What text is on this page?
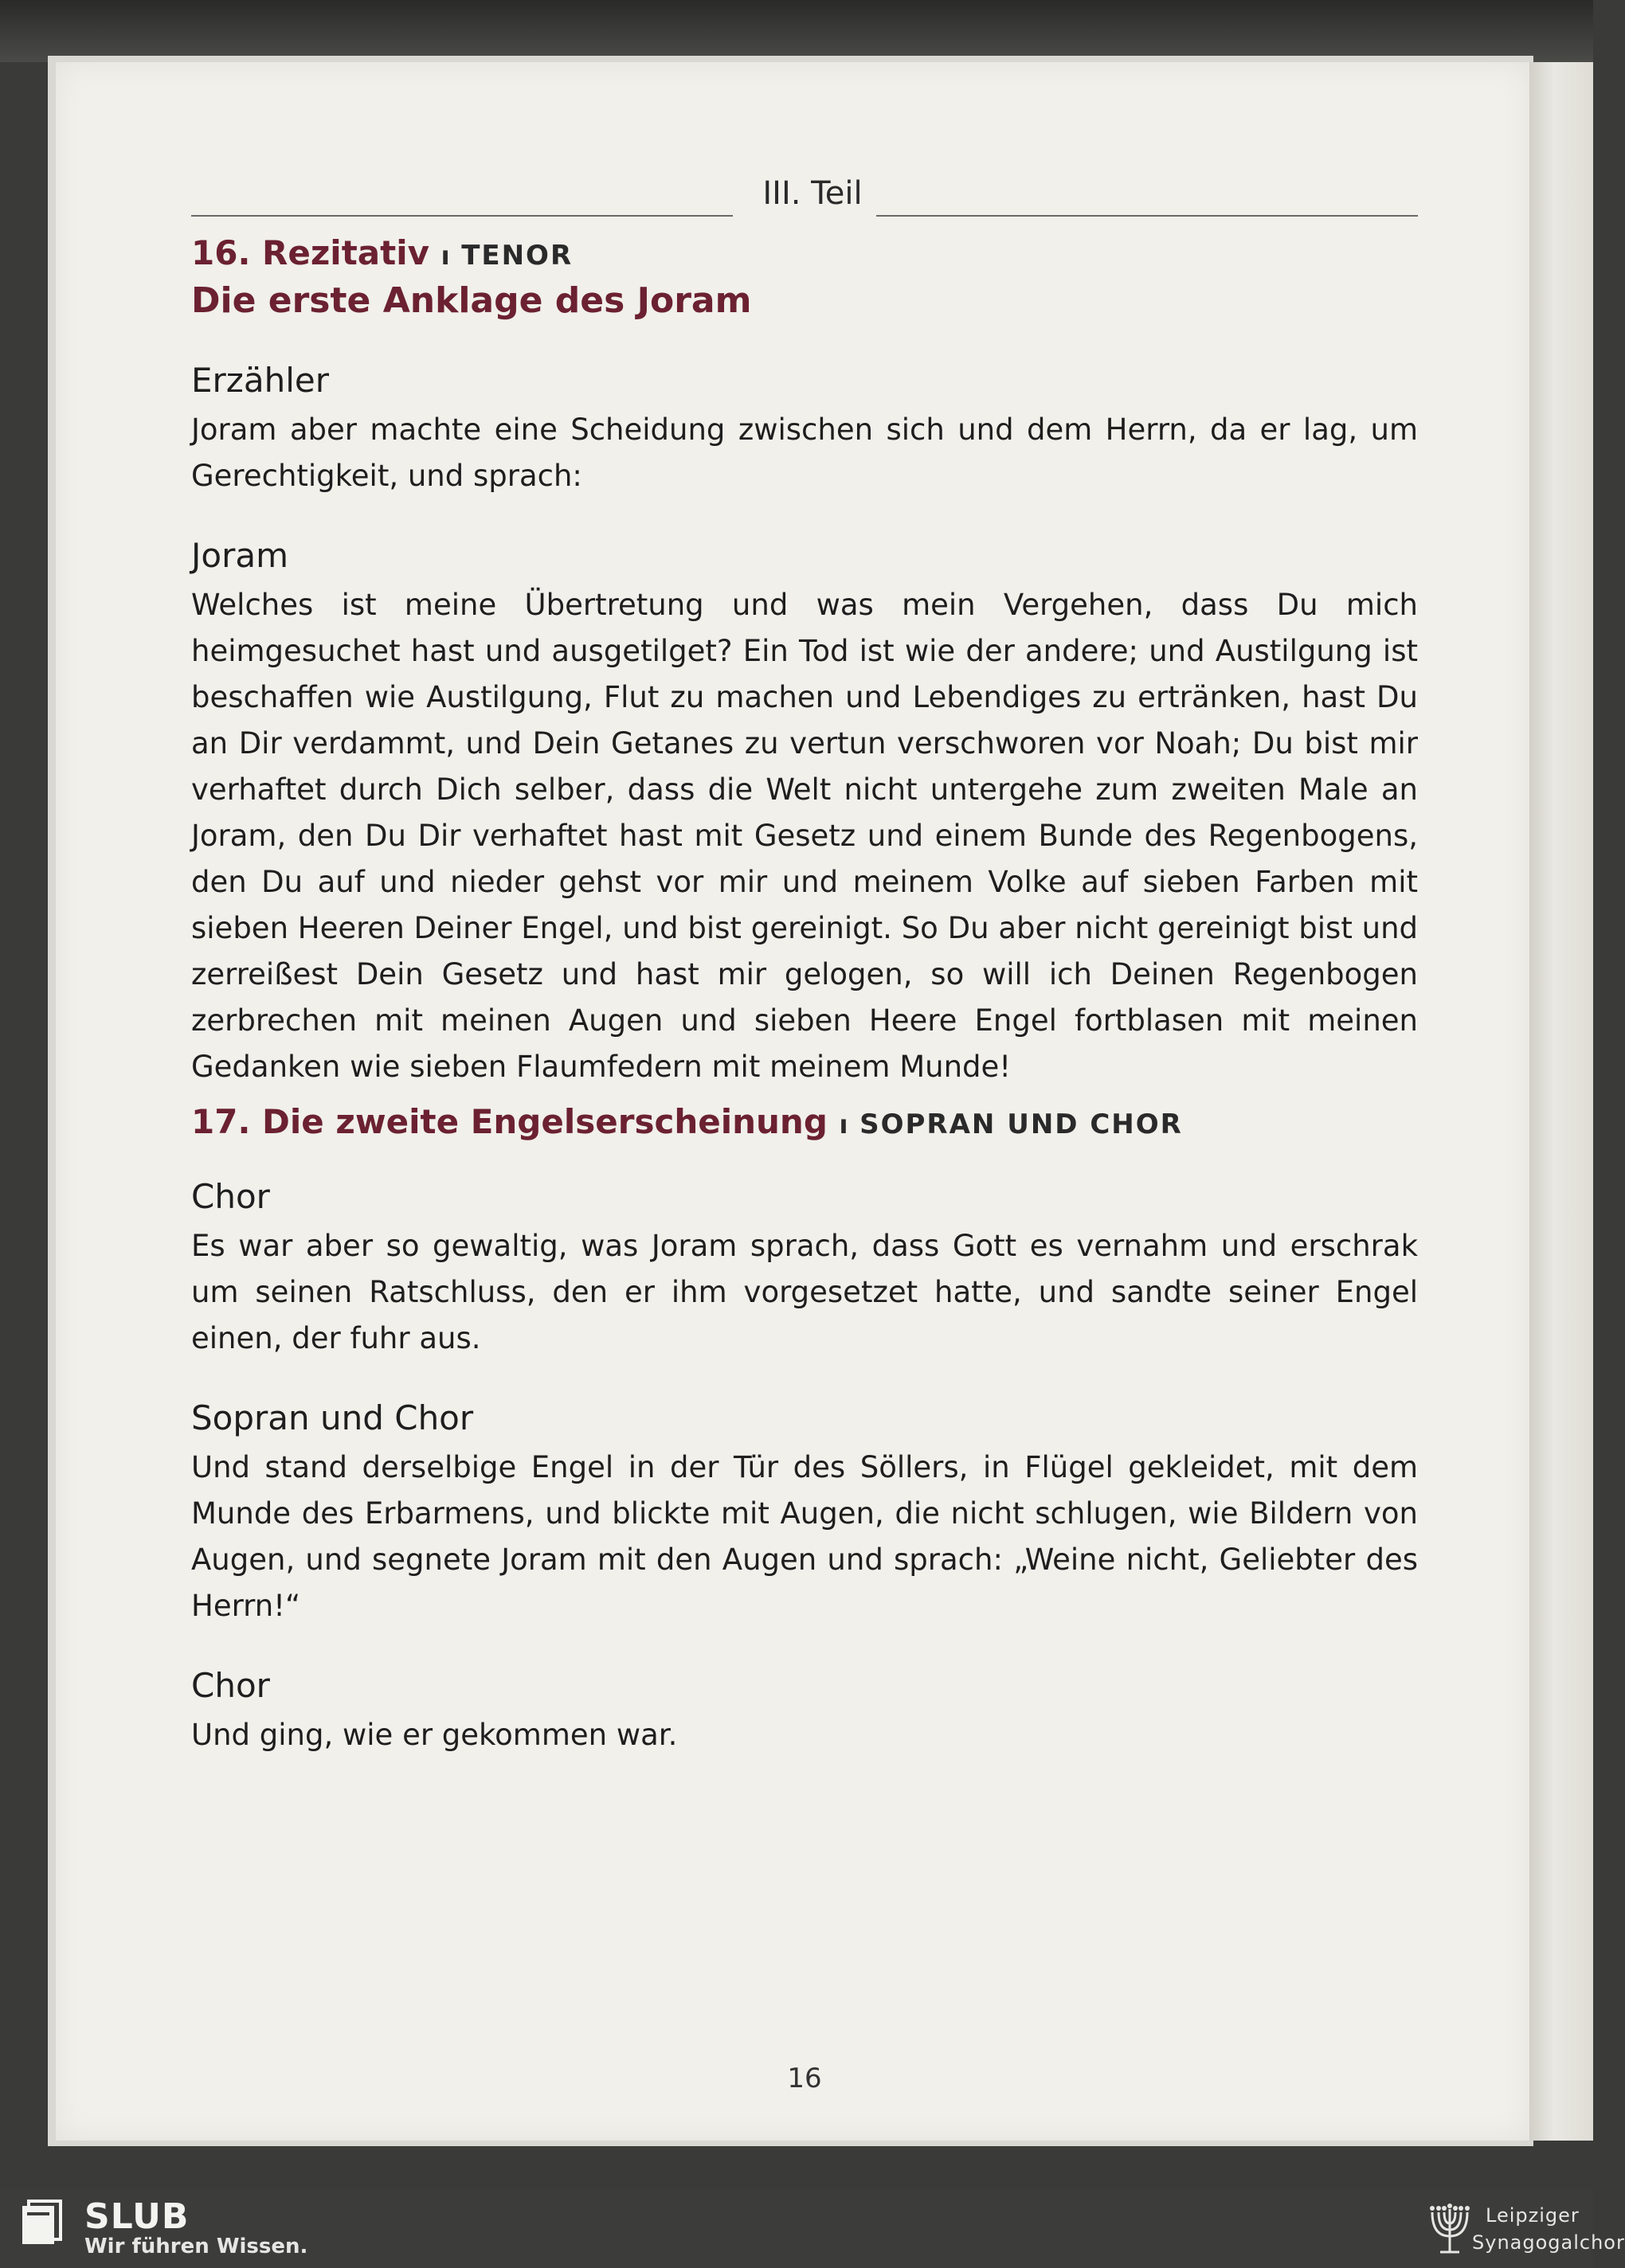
III. Teil
16. Rezitativ ı TENOR
Die erste Anklage des Joram
Erzähler

Joram aber machte eine Scheidung zwischen sich und dem Herrn, da er lag, um Gerechtigkeit, und sprach:

Joram

Welches ist meine Übertretung und was mein Vergehen, dass Du mich heimgesuchet hast und ausgetilget? Ein Tod ist wie der andere; und Austilgung ist beschaffen wie Austilgung, Flut zu machen und Lebendiges zu ertränken, hast Du an Dir verdammt, und Dein Getanes zu vertun verschworen vor Noah; Du bist mir verhaftet durch Dich selber, dass die Welt nicht untergehe zum zweiten Male an Joram, den Du Dir verhaftet hast mit Gesetz und einem Bunde des Regenbogens, den Du auf und nieder gehst vor mir und meinem Volke auf sieben Farben mit sieben Heeren Deiner Engel, und bist gereinigt. So Du aber nicht gereinigt bist und zerreißest Dein Gesetz und hast mir gelogen, so will ich Deinen Regenbogen zerbrechen mit meinen Augen und sieben Heere Engel fortblasen mit meinen Gedanken wie sieben Flaumfedern mit meinem Munde!

17. Die zweite Engelserscheinung ı SOPRAN UND CHOR
Chor

Es war aber so gewaltig, was Joram sprach, dass Gott es vernahm und erschrak um seinen Ratschluss, den er ihm vorgesetzet hatte, und sandte seiner Engel einen, der fuhr aus.

Sopran und Chor

Und stand derselbige Engel in der Tür des Söllers, in Flügel gekleidet, mit dem Munde des Erbarmens, und blickte mit Augen, die nicht schlugen, wie Bildern von Augen, und segnete Joram mit den Augen und sprach: „Weine nicht, Geliebter des Herrn!“

Chor

Und ging, wie er gekommen war.

16
SLUB
Wir führen Wissen.
Leipziger
Synagogalchor
